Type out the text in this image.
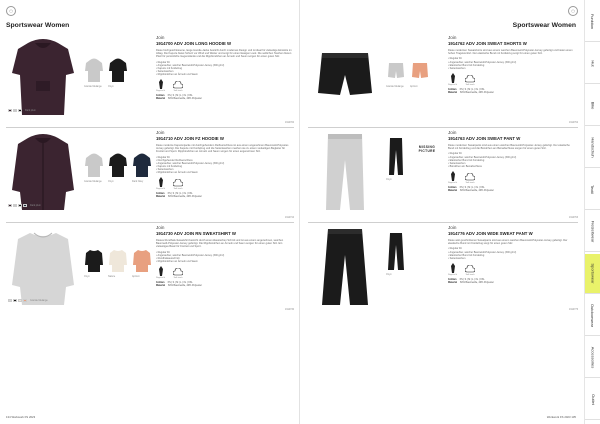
◯
Sportswear Women
Granite Melange	Onyx
Dark plum
Join
1914700 ADV JOIN LONG HOODIE W
Diese hochgeschlossene, lange Hoodie-Jacke besticht durch modernes Design und ist ideal für vielseitige Einsätze im Alltag. Die Kapuze bietet Schutz vor Wind und Wetter und sorgt für einen lässigen Look. Die seitlichen Taschen bieten Platz für persönliche Gegenstände und die Rippbündchen an Ärmeln und Saum sorgen für einen guten Sitz.
• Regular Fit
• Angerauhter, weicher Baumwoll-Polyester-Jersey (300 g/m²)
• Kapuze mit Kordelzug
• Seitentaschen
• Rippbündchen an Ärmeln und Saum
Regular fit	Soft touch
Größen XS | S | M | L | XL | XXL
Material 60% Baumwolle, 40% Polyester
1914700
Granite Melange	Onyx	Dark Navy
Dark plum
Join
1914710 ADV JOIN FZ HOODIE W
Diese moderne Kapuzenjacke mit durchgehendem Reißverschluss ist aus einem angenehmen Baumwoll-Polyester-Jersey gefertigt. Die Kapuze mit Kordelzug und die Seitentaschen machen sie zu einem vielseitigen Begleiter für Freizeit und Sport. Rippbündchen an Ärmeln und Saum sorgen für einen angenehmen Sitz.
• Regular Fit
• Durchgehender Reißverschluss
• Angerauhter, weicher Baumwoll-Polyester-Jersey (300 g/m²)
• Kapuze mit Kordelzug
• Seitentaschen
• Rippbündchen an Ärmeln und Saum
Regular fit	Soft touch
Größen XS | S | M | L | XL | XXL
Material 60% Baumwolle, 40% Polyester
1914710
Onyx	Nature	Apricot
Granite Melange
Join
1914730 ADV JOIN RN SWEATSHIRT W
Dieses Rundhals-Sweatshirt besticht durch einen klassischen Schnitt und ist aus einem angenehmen, weichen Baumwoll-Polyester-Jersey gefertigt. Die Rippbündchen an Ärmeln und Saum sorgen für einen guten Sitz. Ein vielseitiges Basic für Freizeit und Sport.
• Regular Fit
• Angerauhter, weicher Baumwoll-Polyester-Jersey (300 g/m²)
• Rundhalsausschnitt
• Rippbündchen an Ärmeln und Saum
Regular fit	Soft touch
Größen XS | S | M | L | XL | XXL
Material 60% Baumwolle, 40% Polyester
1914730
134 Workwork FS 2023
◯
Sportswear Women
Granite Melange	Apricot
Join
1914762 ADV JOIN SWEAT SHORTS W
Diese modernen Sweatshorts sind aus einem weichen Baumwoll-Polyester-Jersey gefertigt und bieten einen hohen Tragekomfort. Der elastische Bund mit Kordelzug sorgt für einen guten Sitz.
• Regular Fit
• Angerauhter, weicher Baumwoll-Polyester-Jersey (300 g/m²)
• Elastischer Bund mit Kordelzug
• Seitentaschen
Regular fit	Soft touch
Größen XS | S | M | L | XL | XXL
Material 60% Baumwolle, 40% Polyester
1914762
Onyx
MISSING
PICTURE
Join
1914763 ADV JOIN SWEAT PANT W
Diese modernen Sweatpants sind aus einem weichen Baumwoll-Polyester-Jersey gefertigt. Der elastische Bund mit Kordelzug und die Bündchen am Beinabschluss sorgen für einen guten Sitz.
• Regular Fit
• Angerauhter, weicher Baumwoll-Polyester-Jersey (300 g/m²)
• Elastischer Bund mit Kordelzug
• Seitentaschen
• Bündchen am Beinabschluss
Regular fit	Soft touch
Größen XS | S | M | L | XL | XXL
Material 60% Baumwolle, 40% Polyester
1914763
Onyx
Join
1914776 ADV JOIN WIDE SWEAT PANT W
Diese weit geschnittenen Sweatpants sind aus einem weichen Baumwoll-Polyester-Jersey gefertigt. Der elastische Bund mit Kordelzug sorgt für einen guten Sitz.
• Regular Fit
• Angerauhter, weicher Baumwoll-Polyester-Jersey (300 g/m²)
• Elastischer Bund mit Kordelzug
• Seitentaschen
Regular fit	Soft touch
Größen XS | S | M | L | XL | XXL
Material 60% Baumwolle, 40% Polyester
1914776
Workwork FS 2023 135
Funktion
Hut
Bike
Handschuh
Textil
Freizeitwear
Sportswear
Outdoorwear
Accessoires
Outlet
